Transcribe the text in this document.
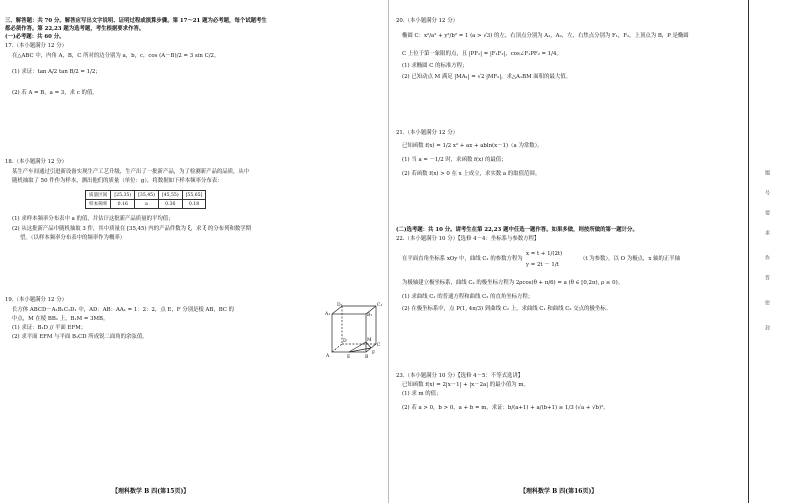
三、解答题：共 70 分。解答应写出文字说明、证明过程或演算步骤。第 17～21 题为必考题，每个试题考生
都必须作答。第 22,23 题为选考题，考生根据要求作答。
(一)必考题：共 60 分。
17.（本小题满分 12 分）
在△ABC 中，内角 A，B，C 所对的边分别为 a，b，c，cos (A－B)/2 = 3 sin C/2。
(1) 求证：tan A/2 tan B/2 = 1/2；
(2) 若 A = B，a = 3，求 c 的值。
18.（本小题满分 12 分）
某生产车间通过引进新设备实现生产工艺升级，生产出了一批新产品，为了检测新产品的品质，从中
随机抽取了 50 件作为样本，测出他们的质量（单位：g），将数据如下样本频率分布表：
质量区间	[25,35)	[35,45)	[45,55)	[55,65]
样本频率	0.16	a	0.36	0.18
(1) 求样本频率分布表中 a 的值，并估计这批新产品质量的平均值；
(2) 从这批新产品中随机抽取 3 件，其中质量在 [35,45) 内的产品件数为 ξ，求 ξ 的分布列和数学期
望。（以样本频率分布表中的频率作为概率）
19.（本小题满分 12 分）
长方体 ABCD－A₁B₁C₁D₁ 中，AD：AB：AA₁ = 1：2：2，点 E，F 分别是棱 AB，BC 的
中点，M 在棱 BB₁ 上，B₁M = 3MB。
(1) 求证：B₁D // 平面 EFM；
(2) 求平面 EFM 与平面 B₁CD 所成锐二面角的余弦值。
D₁	C₁
A₁	B₁
D
C
M
A	E	B
F
【理科数学 B 四(第15页)】
20.（本小题满分 12 分）
椭圆 C：x²/a² + y²/b² = 1 (a > √3) 的左、右顶点分别为 A₁，A₂，左、右焦点分别为 F₁，F₂，上顶点为 B，P 是椭圆
C 上位于第一象限的点，且 |PF₁| = |F₁F₂|，cos∠F₁PF₂ = 1/4。
(1) 求椭圆 C 的标准方程；
(2) 已知动点 M 满足 |MA₁| = √2 |MF₂|，求△A₁BM 面积的最大值。
21.（本小题满分 12 分）
已知函数 f(x) = 1/2 x² + ax + abln(x－1)（a 为常数）。
(1) 当 a = －1/2 时，求函数 f(x) 的最值；
(2) 若函数 f(x) > 0 在 x 上成立，求实数 a 的取值范围。
(二)选考题：共 10 分。请考生在第 22,23 题中任选一题作答。如果多做，则按所做的第一题计分。
22.（本小题满分 10 分）【选修 4－4：坐标系与参数方程】
在平面直角坐标系 xOy 中，曲线 C₁ 的参数方程为
x = t + 1/(2t)
y = 2t － 1/t
（t 为参数）。以 O 为极点，x 轴的正半轴
为极轴建立极坐标系，曲线 C₂ 的极坐标方程为 2ρcos(θ + π/6) = a (θ ∈ [0,2π), ρ ≥ 0)。
(1) 求曲线 C₁ 的普通方程和曲线 C₂ 的直角坐标方程；
(2) 在极坐标系中，点 P(1, 4π/3) 到曲线 C₂ 上，求曲线 C₁ 和曲线 C₂ 交点的极坐标。
23.（本小题满分 10 分）【选修 4－5：不等式选讲】
已知函数 f(x) = 2|x－1| + |x－2a| 的最小值为 m。
(1) 求 m 的值；
(2) 若 a > 0，b > 0，a + b = m，求证：b/(a+1) + a/(b+1) ≥ 1/3 (√a + √b)²。
【理科数学 B 四(第16页)】
题
号
要
求
作
答
密
封
